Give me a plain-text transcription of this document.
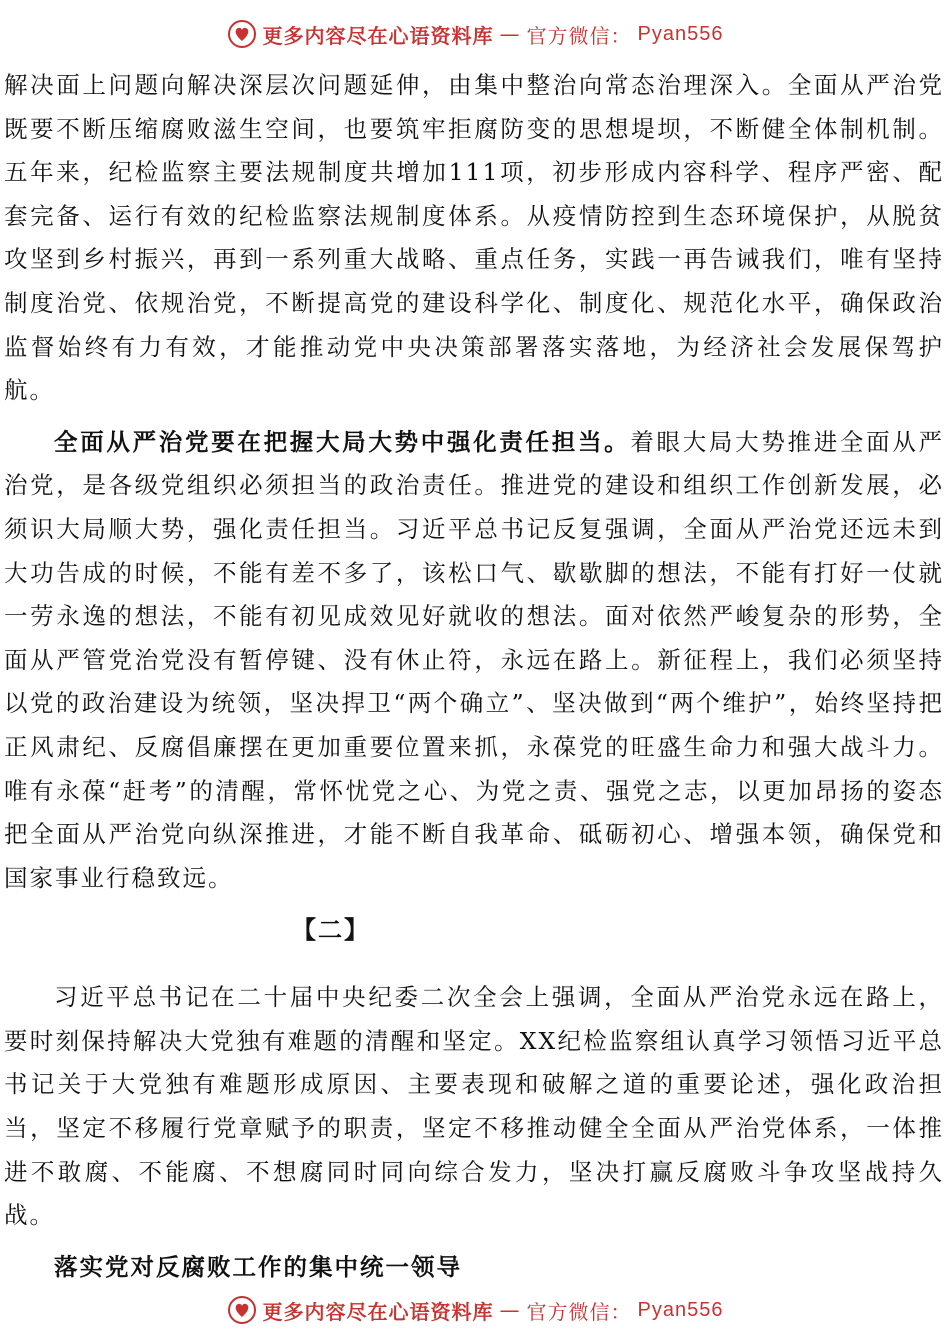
更多内容尽在心语资料库 — 官方微信： Pyan556

解决面上问题向解决深层次问题延伸，由集中整治向常态治理深入。全面从严治党既要不断压缩腐败滋生空间，也要筑牢拒腐防变的思想堤坝，不断健全体制机制。五年来，纪检监察主要法规制度共增加111项，初步形成内容科学、程序严密、配套完备、运行有效的纪检监察法规制度体系。从疫情防控到生态环境保护，从脱贫攻坚到乡村振兴，再到一系列重大战略、重点任务，实践一再告诫我们，唯有坚持制度治党、依规治党，不断提高党的建设科学化、制度化、规范化水平，确保政治监督始终有力有效，才能推动党中央决策部署落实落地，为经济社会发展保驾护航。

全面从严治党要在把握大局大势中强化责任担当。着眼大局大势推进全面从严治党，是各级党组织必须担当的政治责任。推进党的建设和组织工作创新发展，必须识大局顺大势，强化责任担当。习近平总书记反复强调，全面从严治党还远未到大功告成的时候，不能有差不多了，该松口气、歇歇脚的想法，不能有打好一仗就一劳永逸的想法，不能有初见成效见好就收的想法。面对依然严峻复杂的形势，全面从严管党治党没有暂停键、没有休止符，永远在路上。新征程上，我们必须坚持以党的政治建设为统领，坚决捍卫“两个确立”、坚决做到“两个维护”，始终坚持把正风肃纪、反腐倡廉摆在更加重要位置来抓，永葆党的旺盛生命力和强大战斗力。唯有永葆“赶考”的清醒，常怀忧党之心、为党之责、强党之志，以更加昂扬的姿态把全面从严治党向纵深推进，才能不断自我革命、砥砺初心、增强本领，确保党和国家事业行稳致远。

【二】

习近平总书记在二十届中央纪委二次全会上强调，全面从严治党永远在路上，要时刻保持解决大党独有难题的清醒和坚定。XX纪检监察组认真学习领悟习近平总书记关于大党独有难题形成原因、主要表现和破解之道的重要论述，强化政治担当，坚定不移履行党章赋予的职责，坚定不移推动健全全面从严治党体系，一体推进不敢腐、不能腐、不想腐同时同向综合发力，坚决打赢反腐败斗争攻坚战持久战。

落实党对反腐败工作的集中统一领导

更多内容尽在心语资料库 — 官方微信： Pyan556
